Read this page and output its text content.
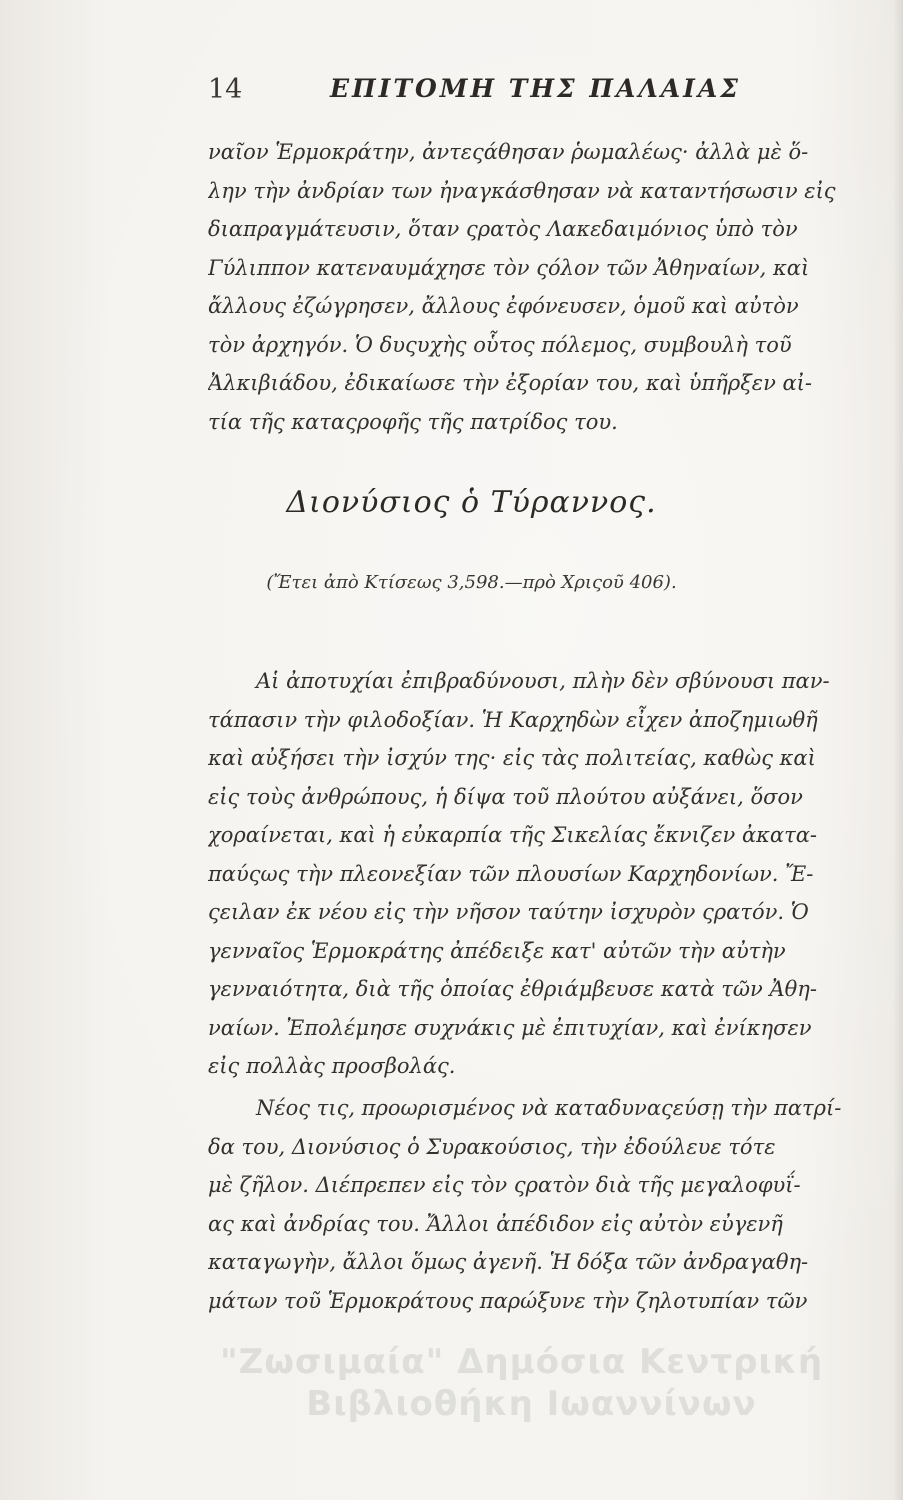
14	ΕΠΙΤΟΜΗ ΤΗΣ ΠΑΛΑΙΑΣ
ναῖον Ἑρμοκράτην, ἀντεςάθησαν ῥωμαλέως· ἀλλὰ μὲ ὅ-
λην τὴν ἀνδρίαν των ἠναγκάσθησαν νὰ καταντήσωσιν εἰς
διαπραγμάτευσιν, ὅταν ςρατὸς Λακεδαιμόνιος ὑπὸ τὸν
Γύλιππον κατεναυμάχησε τὸν ςόλον τῶν Ἀθηναίων, καὶ
ἄλλους ἐζώγρησεν, ἄλλους ἐφόνευσεν, ὁμοῦ καὶ αὐτὸν
τὸν ἀρχηγόν. Ὁ δυςυχὴς οὗτος πόλεμος, συμβουλὴ τοῦ
Ἀλκιβιάδου, ἐδικαίωσε τὴν ἐξορίαν του, καὶ ὑπῆρξεν αἰ-
τία τῆς καταςροφῆς τῆς πατρίδος του.
Διονύσιος ὁ Τύραννος.
(Ἔτει ἀπὸ Κτίσεως 3,598.—πρὸ Χριςοῦ 406).
Αἱ ἀποτυχίαι ἐπιβραδύνουσι, πλὴν δὲν σβύνουσι παν-
τάπασιν τὴν φιλοδοξίαν. Ἡ Καρχηδὼν εἶχεν ἀποζημιωθῆ
καὶ αὐξήσει τὴν ἰσχύν της· εἰς τὰς πολιτείας, καθὼς καὶ
εἰς τοὺς ἀνθρώπους, ἡ δίψα τοῦ πλούτου αὐξάνει, ὅσον
χοραίνεται, καὶ ἡ εὐκαρπία τῆς Σικελίας ἔκνιζεν ἀκατα-
παύςως τὴν πλεονεξίαν τῶν πλουσίων Καρχηδονίων. Ἔ-
ςειλαν ἐκ νέου εἰς τὴν νῆσον ταύτην ἰσχυρὸν ςρατόν. Ὁ
γενναῖος Ἑρμοκράτης ἀπέδειξε κατ' αὐτῶν τὴν αὐτὴν
γενναιότητα, διὰ τῆς ὁποίας ἐθριάμβευσε κατὰ τῶν Ἀθη-
ναίων. Ἐπολέμησε συχνάκις μὲ ἐπιτυχίαν, καὶ ἐνίκησεν
εἰς πολλὰς προσβολάς.
Νέος τις, προωρισμένος νὰ καταδυναςεύσῃ τὴν πατρί-
δα του, Διονύσιος ὁ Συρακούσιος, τὴν ἐδούλευε τότε
μὲ ζῆλον. Διέπρεπεν εἰς τὸν ςρατὸν διὰ τῆς μεγαλοφυΐ-
ας καὶ ἀνδρίας του. Ἄλλοι ἀπέδιδον εἰς αὐτὸν εὐγενῆ
καταγωγὴν, ἄλλοι ὅμως ἀγενῆ. Ἡ δόξα τῶν ἀνδραγαθη-
μάτων τοῦ Ἑρμοκράτους παρώξυνε τὴν ζηλοτυπίαν τῶν
"Ζωσιμαία" Δημόσια Κεντρική
Βιβλιοθήκη Ιωαννίνων
